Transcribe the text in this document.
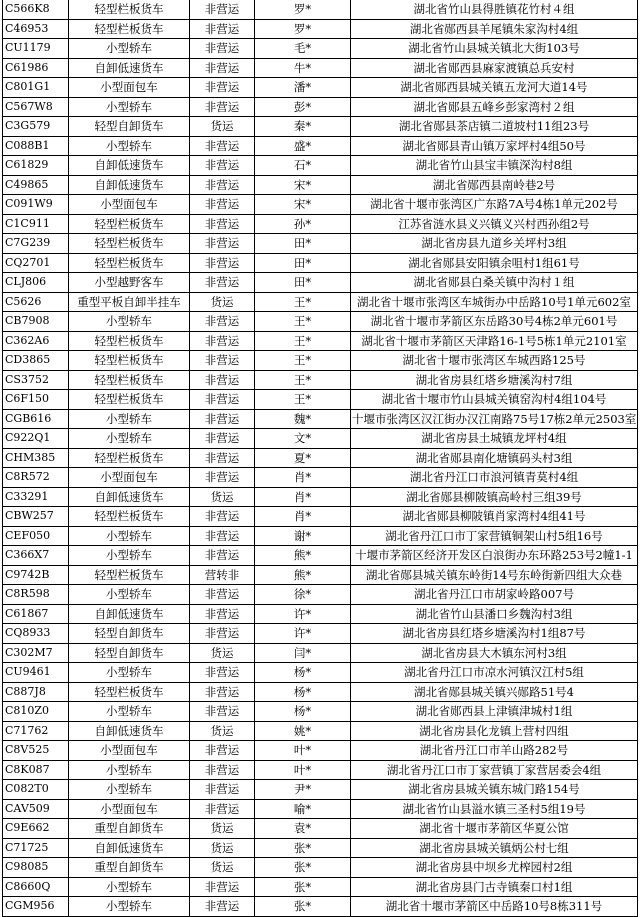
C566K8	轻型栏板货车	非营运	罗*	湖北省竹山县得胜镇花竹村４组
C46953	轻型栏板货车	非营运	罗*	湖北省郧西县羊尾镇朱家沟村4组
CU1179	小型轿车	非营运	毛*	湖北省竹山县城关镇北大街103号
C61986	自卸低速货车	非营运	牛*	湖北省郧西县麻家渡镇总兵安村
C801G1	小型面包车	非营运	潘*	湖北省郧西县城关镇五龙河大道14号
C567W8	小型轿车	非营运	彭*	湖北省郧县五峰乡彭家湾村２组
C3G579	轻型自卸货车	货运	秦*	湖北省郧县茶店镇二道坡村11组23号
C088B1	小型轿车	非营运	盛*	湖北省郧县青山镇万家坪村4组50号
C61829	自卸低速货车	非营运	石*	湖北省竹山县宝丰镇深沟村8组
C49865	自卸低速货车	非营运	宋*	湖北省郧西县南岭巷2号
C091W9	小型面包车	非营运	宋*	湖北省十堰市张湾区广东路7A号4栋1单元202号
C1C911	轻型栏板货车	非营运	孙*	江苏省涟水县义兴镇义兴村西孙组2号
C7G239	轻型栏板货车	非营运	田*	湖北省房县九道乡关坪村3组
CQ2701	轻型栏板货车	非营运	田*	湖北省郧县安阳镇余咀村1组61号
CLJ806	小型越野客车	非营运	田*	湖北省郧县白桑关镇中沟村１组
C5626	重型平板自卸半挂车	货运	王*	湖北省十堰市张湾区车城街办中岳路10号1单元602室
CB7908	小型轿车	非营运	王*	湖北省十堰市茅箭区东岳路30号4栋2单元601号
C362A6	轻型栏板货车	非营运	王*	湖北省十堰市茅箭区天津路16-1号5栋1单元2101室
CD3865	轻型栏板货车	非营运	王*	湖北省十堰市张湾区车城西路125号
CS3752	轻型栏板货车	非营运	王*	湖北省房县红塔乡塘溪沟村7组
C6F150	轻型栏板货车	非营运	王*	湖北省十堰市竹山县城关镇窑沟村4组104号
CGB616	小型轿车	非营运	魏*	十堰市张湾区汉江街办汉江南路75号17栋2单元2503室
C922Q1	小型轿车	非营运	文*	湖北省房县土城镇龙坪村4组
CHM385	轻型栏板货车	非营运	夏*	湖北省郧县南化塘镇码头村3组
C8R572	小型面包车	非营运	肖*	湖北省丹江口市浪河镇青莫村4组
C33291	自卸低速货车	货运	肖*	湖北省郧县柳陂镇高岭村三组39号
CBW257	轻型栏板货车	非营运	肖*	湖北省郧县柳陂镇肖家湾村4组41号
CEF050	小型轿车	非营运	谢*	湖北省丹江口市丁家营镇铜架山村5组16号
C366X7	小型轿车	非营运	熊*	十堰市茅箭区经济开发区白浪街办东环路253号2幢1-1
C9742B	轻型栏板货车	营转非	熊*	湖北省郧县城关镇东岭街14号东岭街新四组大众巷
C8R598	小型轿车	非营运	徐*	湖北省丹江口市胡家岭路007号
C61867	自卸低速货车	非营运	许*	湖北省竹山县潘口乡魏沟村3组
CQ8933	轻型自卸货车	非营运	许*	湖北省房县红塔乡塘溪沟村1组87号
C302M7	轻型自卸货车	货运	闫*	湖北省房县大木镇东河村3组
CU9461	小型轿车	非营运	杨*	湖北省丹江口市凉水河镇汉江村5组
C887J8	轻型栏板货车	非营运	杨*	湖北省郧县城关镇兴郧路51号4
C810Z0	小型轿车	非营运	杨*	湖北省郧西县上津镇津城村1组
C71762	自卸低速货车	货运	姚*	湖北省房县化龙镇上营村四组
C8V525	小型面包车	非营运	叶*	湖北省丹江口市羊山路282号
C8K087	小型轿车	非营运	叶*	湖北省丹江口市丁家营镇丁家营居委会4组
C082T0	小型轿车	非营运	尹*	湖北省房县城关镇东城门路154号
CAV509	小型面包车	非营运	喻*	湖北省竹山县溢水镇三圣村5组19号
C9E662	重型自卸货车	货运	袁*	湖北省十堰市茅箭区华夏公馆
C71725	自卸低速货车	货运	张*	湖北省房县城关镇炳公村七组
C98085	重型自卸货车	货运	张*	湖北省房县中坝乡尤榨园村2组
C8660Q	小型轿车	非营运	张*	湖北省房县门古寺镇秦口村1组
CGM956	小型轿车	非营运	张*	湖北省十堰市茅箭区中岳路10号8栋311号
